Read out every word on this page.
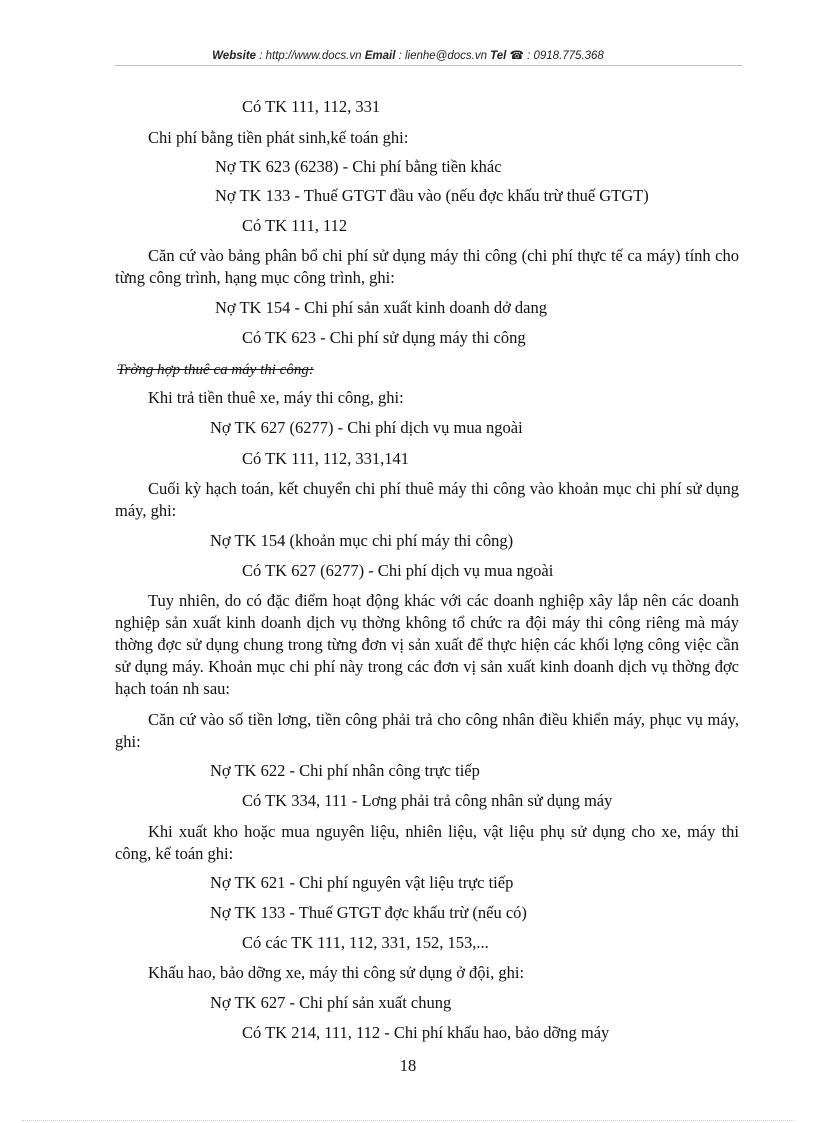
Website : http://www.docs.vn Email : lienhe@docs.vn Tel ☎ : 0918.775.368
Có TK 111, 112, 331
Chi phí bằng tiền phát sinh,kế toán ghi:
Nợ TK 623 (6238) - Chi phí bằng tiền khác
Nợ TK 133 - Thuế GTGT đầu vào (nếu đợc khấu trừ thuế GTGT)
Có TK 111, 112
Căn cứ vào bảng phân bổ chi phí sử dụng máy thi công (chi phí thực tế ca máy) tính cho từng công trình, hạng mục công trình, ghi:
Nợ TK 154 - Chi phí sản xuất kinh doanh dở dang
Có TK 623 - Chi phí sử dụng máy thi công
Trờng hợp thuê ca máy thi công:
Khi trả tiền thuê xe, máy thi công, ghi:
Nợ TK 627 (6277) - Chi phí dịch vụ mua ngoài
Có TK 111, 112, 331,141
Cuối kỳ hạch toán, kết chuyển chi phí thuê máy thi công vào khoản mục chi phí sử dụng máy, ghi:
Nợ TK 154 (khoản mục chi phí máy thi công)
Có TK 627 (6277) - Chi phí dịch vụ mua ngoài
Tuy nhiên, do có đặc điểm hoạt động khác với các doanh nghiệp xây lắp nên các doanh nghiệp sản xuất kinh doanh dịch vụ thờng không tổ chức ra đội máy thi công riêng mà máy thờng đợc sử dụng chung trong từng đơn vị sản xuất để thực hiện các khối lợng công việc cần sử dụng máy. Khoản mục chi phí này trong các đơn vị sản xuất kinh doanh dịch vụ thờng đợc hạch toán nh sau:
Căn cứ vào số tiền lơng, tiền công phải trả cho công nhân điều khiển máy, phục vụ máy, ghi:
Nợ TK 622 - Chi phí nhân công trực tiếp
Có TK 334, 111 - Lơng phải trả công nhân sử dụng máy
Khi xuất kho hoặc mua nguyên liệu, nhiên liệu, vật liệu phụ sử dụng cho xe, máy thi công, kế toán ghi:
Nợ TK 621 - Chi phí nguyên vật liệu trực tiếp
Nợ TK 133 - Thuế GTGT đợc khấu trừ (nếu có)
Có các TK 111, 112, 331, 152, 153,...
Khấu hao, bảo dỡng xe, máy thi công sử dụng ở đội, ghi:
Nợ TK 627 - Chi phí sản xuất chung
Có TK 214, 111, 112 - Chi phí khấu hao, bảo dỡng máy
18
